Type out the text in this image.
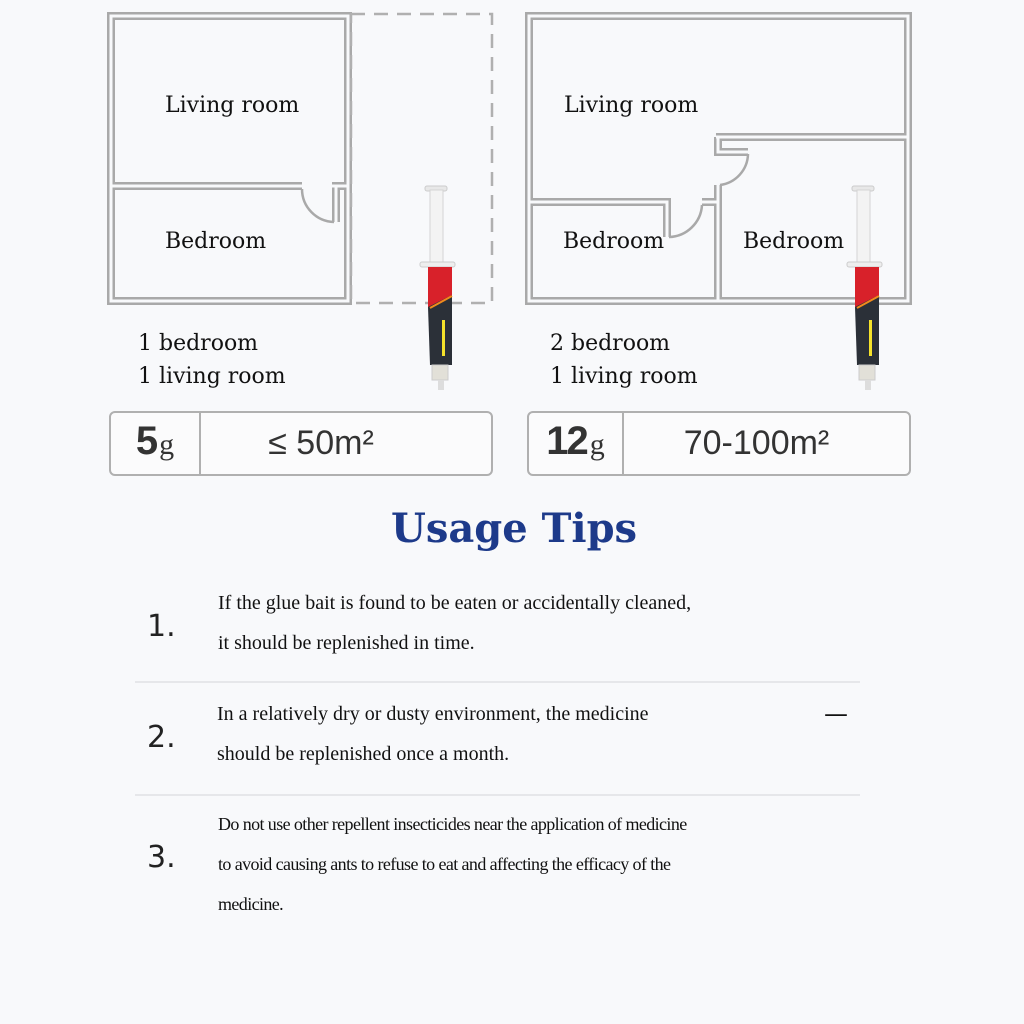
Living room
Bedroom
Living room
Bedroom	Bedroom
1 bedroom
1 living room
2 bedroom
1 living room
5 g	≤ 50m²	12 g	70-100m²
Usage Tips
1.
If the glue bait is found to be eaten or accidentally cleaned,
it should be replenished in time.
2.
In a relatively dry or dusty environment, the medicine
should be replenished once a month.
—
3.
Do not use other repellent insecticides near the application of medicine
to avoid causing ants to refuse to eat and affecting the efficacy of the
medicine.
